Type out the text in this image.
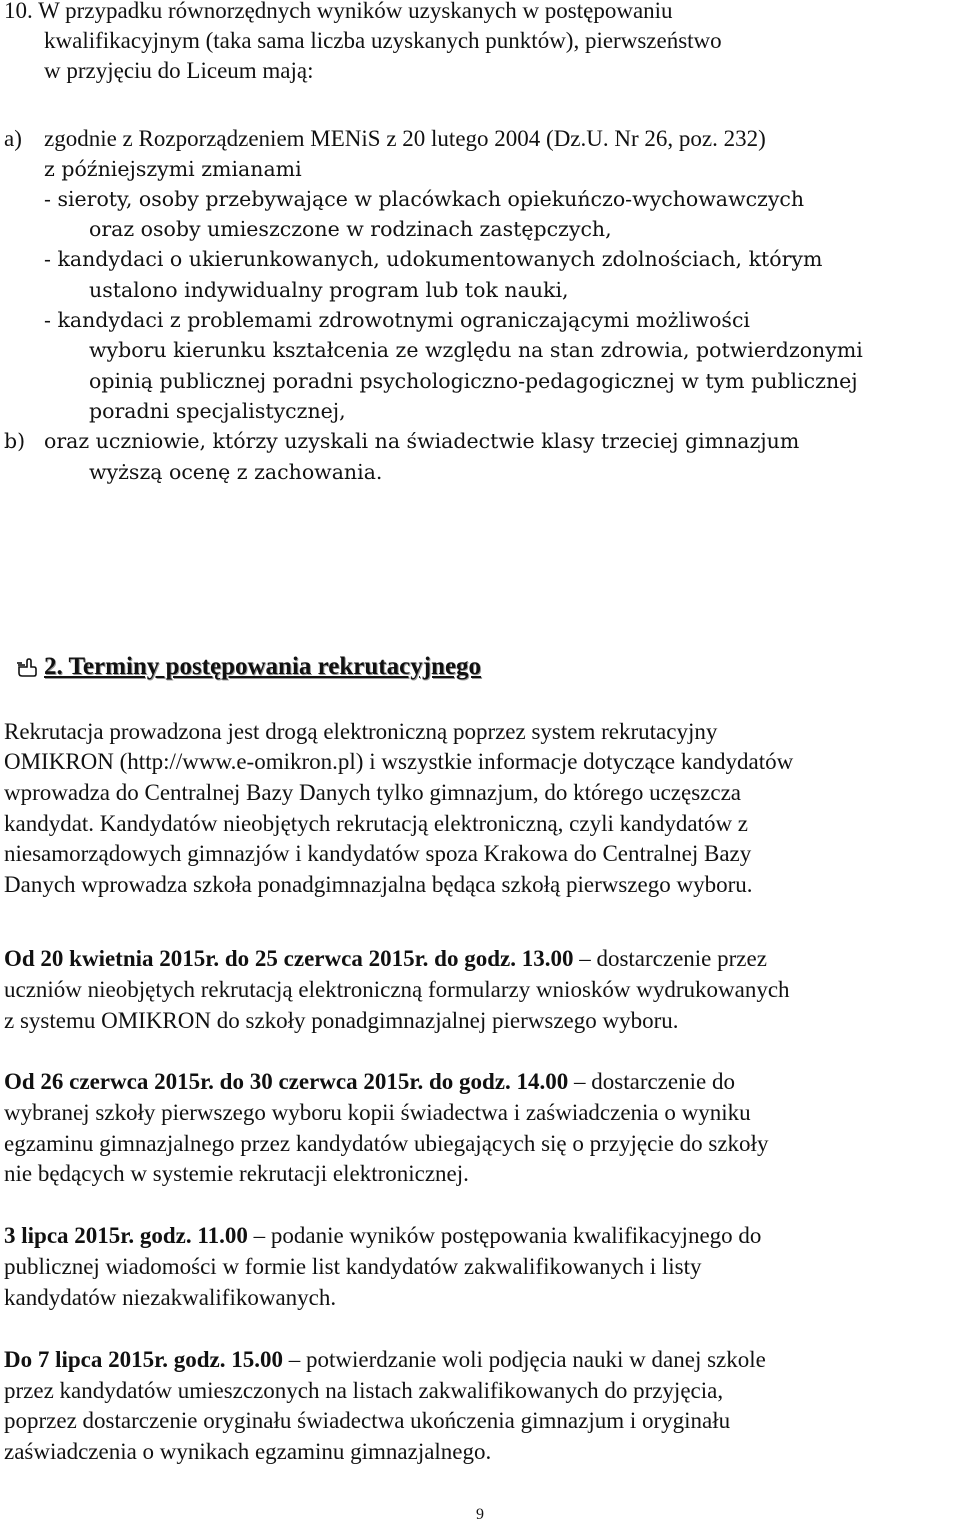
10. W przypadku równorzędnych wyników uzyskanych w postępowaniu
kwalifikacyjnym (taka sama liczba uzyskanych punktów), pierwszeństwo
w przyjęciu do Liceum mają:
a) zgodnie z Rozporządzeniem MENiS z 20 lutego 2004 (Dz.U. Nr 26, poz. 232)
z późniejszymi zmianami
- sieroty, osoby przebywające w placówkach opiekuńczo-wychowawczych
oraz osoby umieszczone w rodzinach zastępczych,
- kandydaci o ukierunkowanych, udokumentowanych zdolnościach, którym
ustalono indywidualny program lub tok nauki,
- kandydaci z problemami zdrowotnymi ograniczającymi możliwości
wyboru kierunku kształcenia ze względu na stan zdrowia, potwierdzonymi
opinią publicznej poradni psychologiczno-pedagogicznej w tym publicznej
poradni specjalistycznej,
b) oraz uczniowie, którzy uzyskali na świadectwie klasy trzeciej gimnazjum
wyższą ocenę z zachowania.
2. Terminy postępowania rekrutacyjnego
Rekrutacja prowadzona jest drogą elektroniczną poprzez system rekrutacyjny
OMIKRON (http://www.e-omikron.pl) i wszystkie informacje dotyczące kandydatów
wprowadza do Centralnej Bazy Danych tylko gimnazjum, do którego uczęszcza
kandydat. Kandydatów nieobjętych rekrutacją elektroniczną, czyli kandydatów z
niesamorządowych gimnazjów i kandydatów spoza Krakowa do Centralnej Bazy
Danych wprowadza szkoła ponadgimnazjalna będąca szkołą pierwszego wyboru.
Od 20 kwietnia 2015r. do 25 czerwca 2015r. do godz. 13.00 – dostarczenie przez
uczniów nieobjętych rekrutacją elektroniczną formularzy wniosków wydrukowanych
z systemu OMIKRON do szkoły ponadgimnazjalnej pierwszego wyboru.
Od 26 czerwca 2015r. do 30 czerwca 2015r. do godz. 14.00 – dostarczenie do
wybranej szkoły pierwszego wyboru kopii świadectwa i zaświadczenia o wyniku
egzaminu gimnazjalnego przez kandydatów ubiegających się o przyjęcie do szkoły
nie będących w systemie rekrutacji elektronicznej.
3 lipca 2015r. godz. 11.00 – podanie wyników postępowania kwalifikacyjnego do
publicznej wiadomości w formie list kandydatów zakwalifikowanych i listy
kandydatów niezakwalifikowanych.
Do 7 lipca 2015r. godz. 15.00 – potwierdzanie woli podjęcia nauki w danej szkole
przez kandydatów umieszczonych na listach zakwalifikowanych do przyjęcia,
poprzez dostarczenie oryginału świadectwa ukończenia gimnazjum i oryginału
zaświadczenia o wynikach egzaminu gimnazjalnego.
9
